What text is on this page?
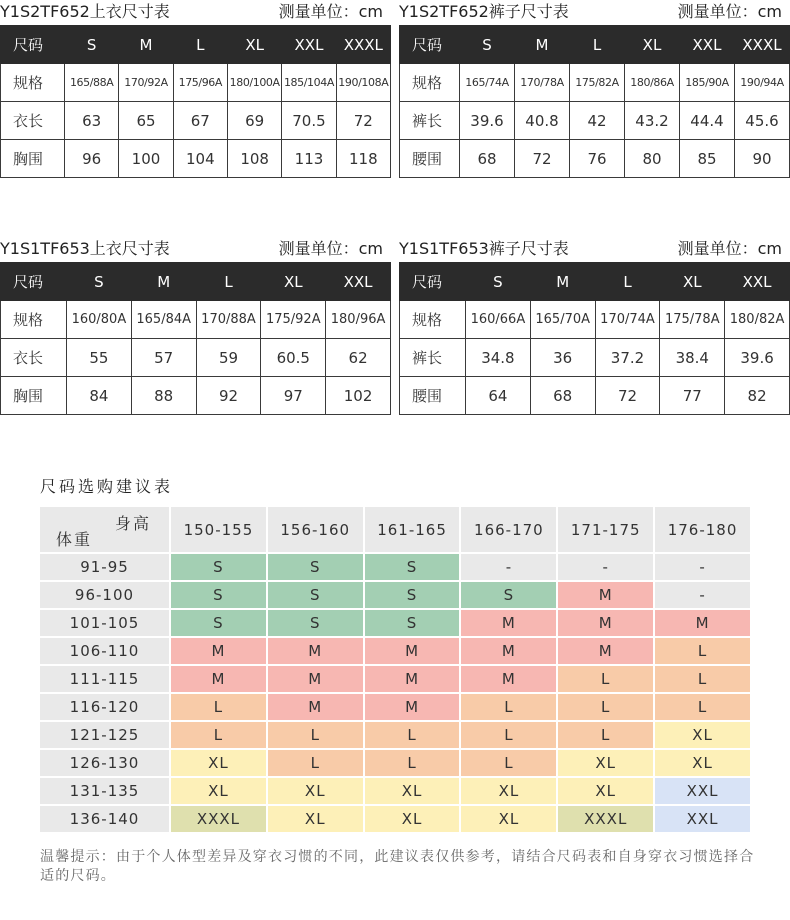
Y1S2TF652上衣尺寸表	测量单位：cm
尺码	S	M	L	XL	XXL	XXXL
规格	165/88A	170/92A	175/96A	180/100A	185/104A	190/108A
衣长	63	65	67	69	70.5	72
胸围	96	100	104	108	113	118
Y1S2TF652裤子尺寸表	测量单位：cm
尺码	S	M	L	XL	XXL	XXXL
规格	165/74A	170/78A	175/82A	180/86A	185/90A	190/94A
裤长	39.6	40.8	42	43.2	44.4	45.6
腰围	68	72	76	80	85	90
Y1S1TF653上衣尺寸表	测量单位：cm
尺码	S	M	L	XL	XXL
规格	160/80A	165/84A	170/88A	175/92A	180/96A
衣长	55	57	59	60.5	62
胸围	84	88	92	97	102
Y1S1TF653裤子尺寸表	测量单位：cm
尺码	S	M	L	XL	XXL
规格	160/66A	165/70A	170/74A	175/78A	180/82A
裤长	34.8	36	37.2	38.4	39.6
腰围	64	68	72	77	82
尺码选购建议表
身高
体重	150-155	156-160	161-165	166-170	171-175	176-180
91-95	S	S	S	-	-	-
96-100	S	S	S	S	M	-
101-105	S	S	S	M	M	M
106-110	M	M	M	M	M	L
111-115	M	M	M	M	L	L
116-120	L	M	M	L	L	L
121-125	L	L	L	L	L	XL
126-130	XL	L	L	L	XL	XL
131-135	XL	XL	XL	XL	XL	XXL
136-140	XXXL	XL	XL	XL	XXXL	XXL
温馨提示：由于个人体型差异及穿衣习惯的不同，此建议表仅供参考，请结合尺码表和自身穿衣习惯选择合适的尺码。
